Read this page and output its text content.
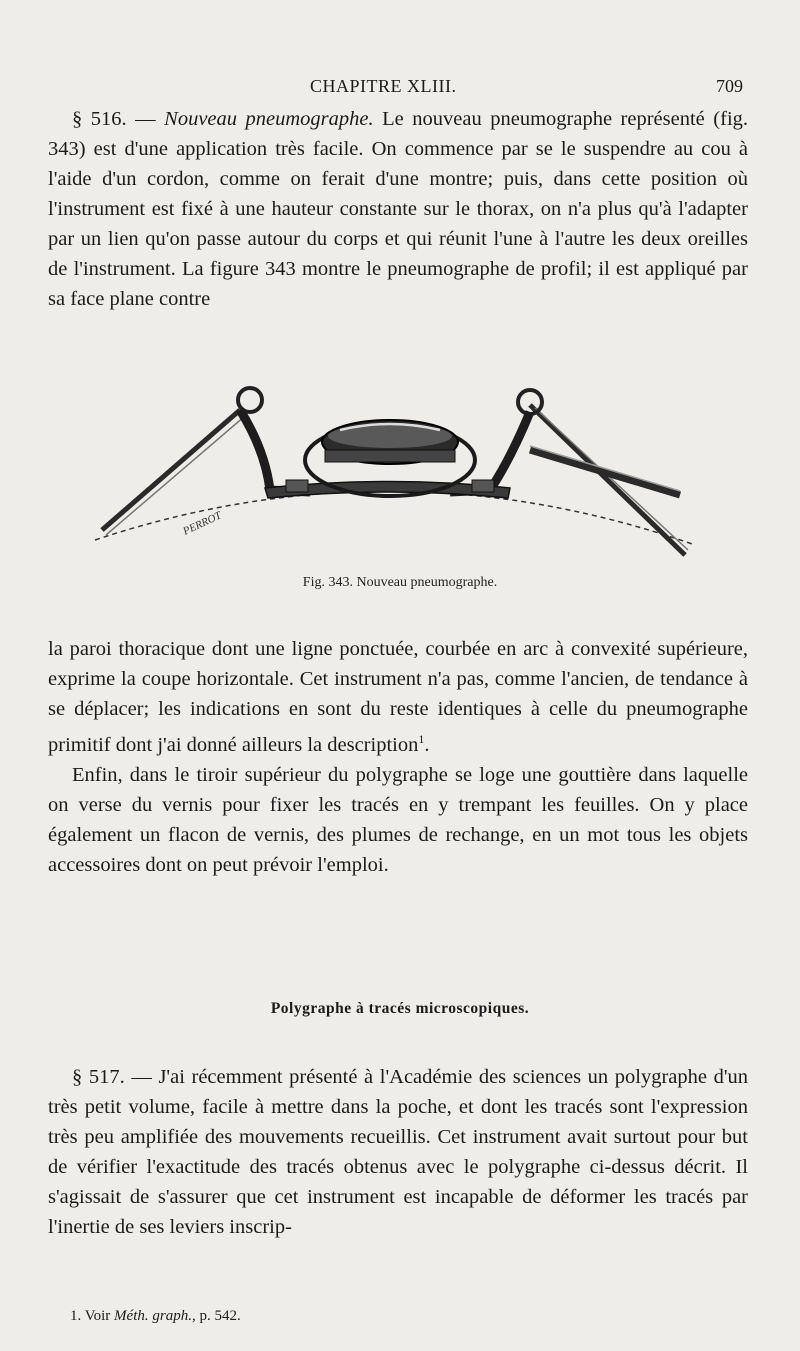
CHAPITRE XLIII.	709

§ 516. — Nouveau pneumographe. Le nouveau pneumographe représenté (fig. 343) est d'une application très facile. On commence par se le suspendre au cou à l'aide d'un cordon, comme on ferait d'une montre; puis, dans cette position où l'instrument est fixé à une hauteur constante sur le thorax, on n'a plus qu'à l'adapter par un lien qu'on passe autour du corps et qui réunit l'une à l'autre les deux oreilles de l'instrument. La figure 343 montre le pneumographe de profil; il est appliqué par sa face plane contre

PERROT
Fig. 343. Nouveau pneumographe.

la paroi thoracique dont une ligne ponctuée, courbée en arc à convexité supérieure, exprime la coupe horizontale. Cet instrument n'a pas, comme l'ancien, de tendance à se déplacer; les indications en sont du reste identiques à celle du pneumographe primitif dont j'ai donné ailleurs la description$^1$.

Enfin, dans le tiroir supérieur du polygraphe se loge une gouttière dans laquelle on verse du vernis pour fixer les tracés en y trempant les feuilles. On y place également un flacon de vernis, des plumes de rechange, en un mot tous les objets accessoires dont on peut prévoir l'emploi.

Polygraphe à tracés microscopiques.

§ 517. — J'ai récemment présenté à l'Académie des sciences un polygraphe d'un très petit volume, facile à mettre dans la poche, et dont les tracés sont l'expression très peu amplifiée des mouvements recueillis. Cet instrument avait surtout pour but de vérifier l'exactitude des tracés obtenus avec le polygraphe ci-dessus décrit. Il s'agissait de s'assurer que cet instrument est incapable de déformer les tracés par l'inertie de ses leviers inscrip-

1. Voir Méth. graph., p. 542.
